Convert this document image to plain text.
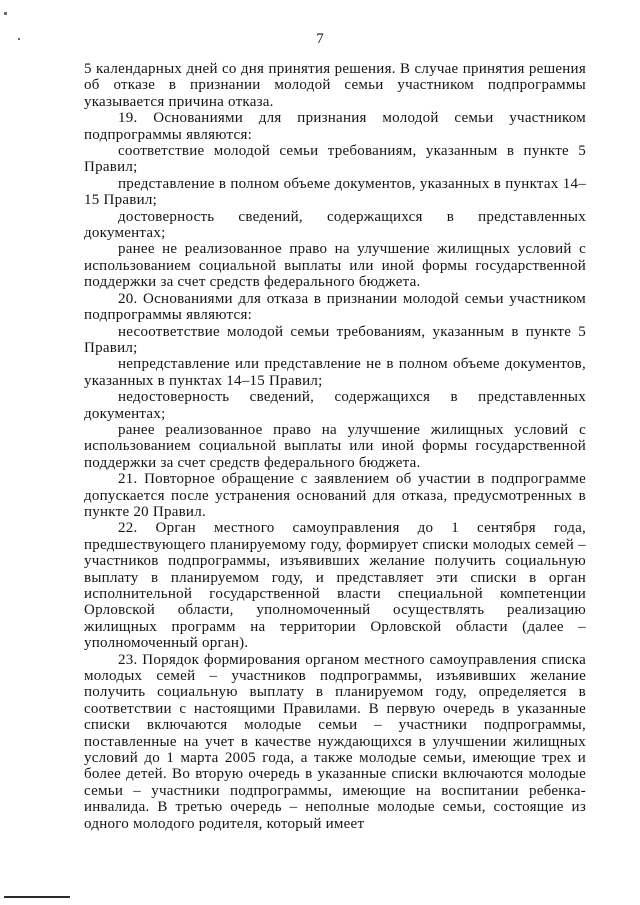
7

5 календарных дней со дня принятия решения. В случае принятия решения об отказе в признании молодой семьи участником подпрограммы указывается причина отказа.

19. Основаниями для признания молодой семьи участником подпрограммы являются:

соответствие молодой семьи требованиям, указанным в пункте 5 Правил;

представление в полном объеме документов, указанных в пунктах 14–15 Правил;

достоверность сведений, содержащихся в представленных документах;

ранее не реализованное право на улучшение жилищных условий с использованием социальной выплаты или иной формы государственной поддержки за счет средств федерального бюджета.

20. Основаниями для отказа в признании молодой семьи участником подпрограммы являются:

несоответствие молодой семьи требованиям, указанным в пункте 5 Правил;

непредставление или представление не в полном объеме документов, указанных в пунктах 14–15 Правил;

недостоверность сведений, содержащихся в представленных документах;

ранее реализованное право на улучшение жилищных условий с использованием социальной выплаты или иной формы государственной поддержки за счет средств федерального бюджета.

21. Повторное обращение с заявлением об участии в подпрограмме допускается после устранения оснований для отказа, предусмотренных в пункте 20 Правил.

22. Орган местного самоуправления до 1 сентября года, предшествующего планируемому году, формирует списки молодых семей – участников подпрограммы, изъявивших желание получить социальную выплату в планируемом году, и представляет эти списки в орган исполнительной государственной власти специальной компетенции Орловской области, уполномоченный осуществлять реализацию жилищных программ на территории Орловской области (далее – уполномоченный орган).

23. Порядок формирования органом местного самоуправления списка молодых семей – участников подпрограммы, изъявивших желание получить социальную выплату в планируемом году, определяется в соответствии с настоящими Правилами. В первую очередь в указанные списки включаются молодые семьи – участники подпрограммы, поставленные на учет в качестве нуждающихся в улучшении жилищных условий до 1 марта 2005 года, а также молодые семьи, имеющие трех и более детей. Во вторую очередь в указанные списки включаются молодые семьи – участники подпрограммы, имеющие на воспитании ребенка-инвалида. В третью очередь – неполные молодые семьи, состоящие из одного молодого родителя, который имеет
